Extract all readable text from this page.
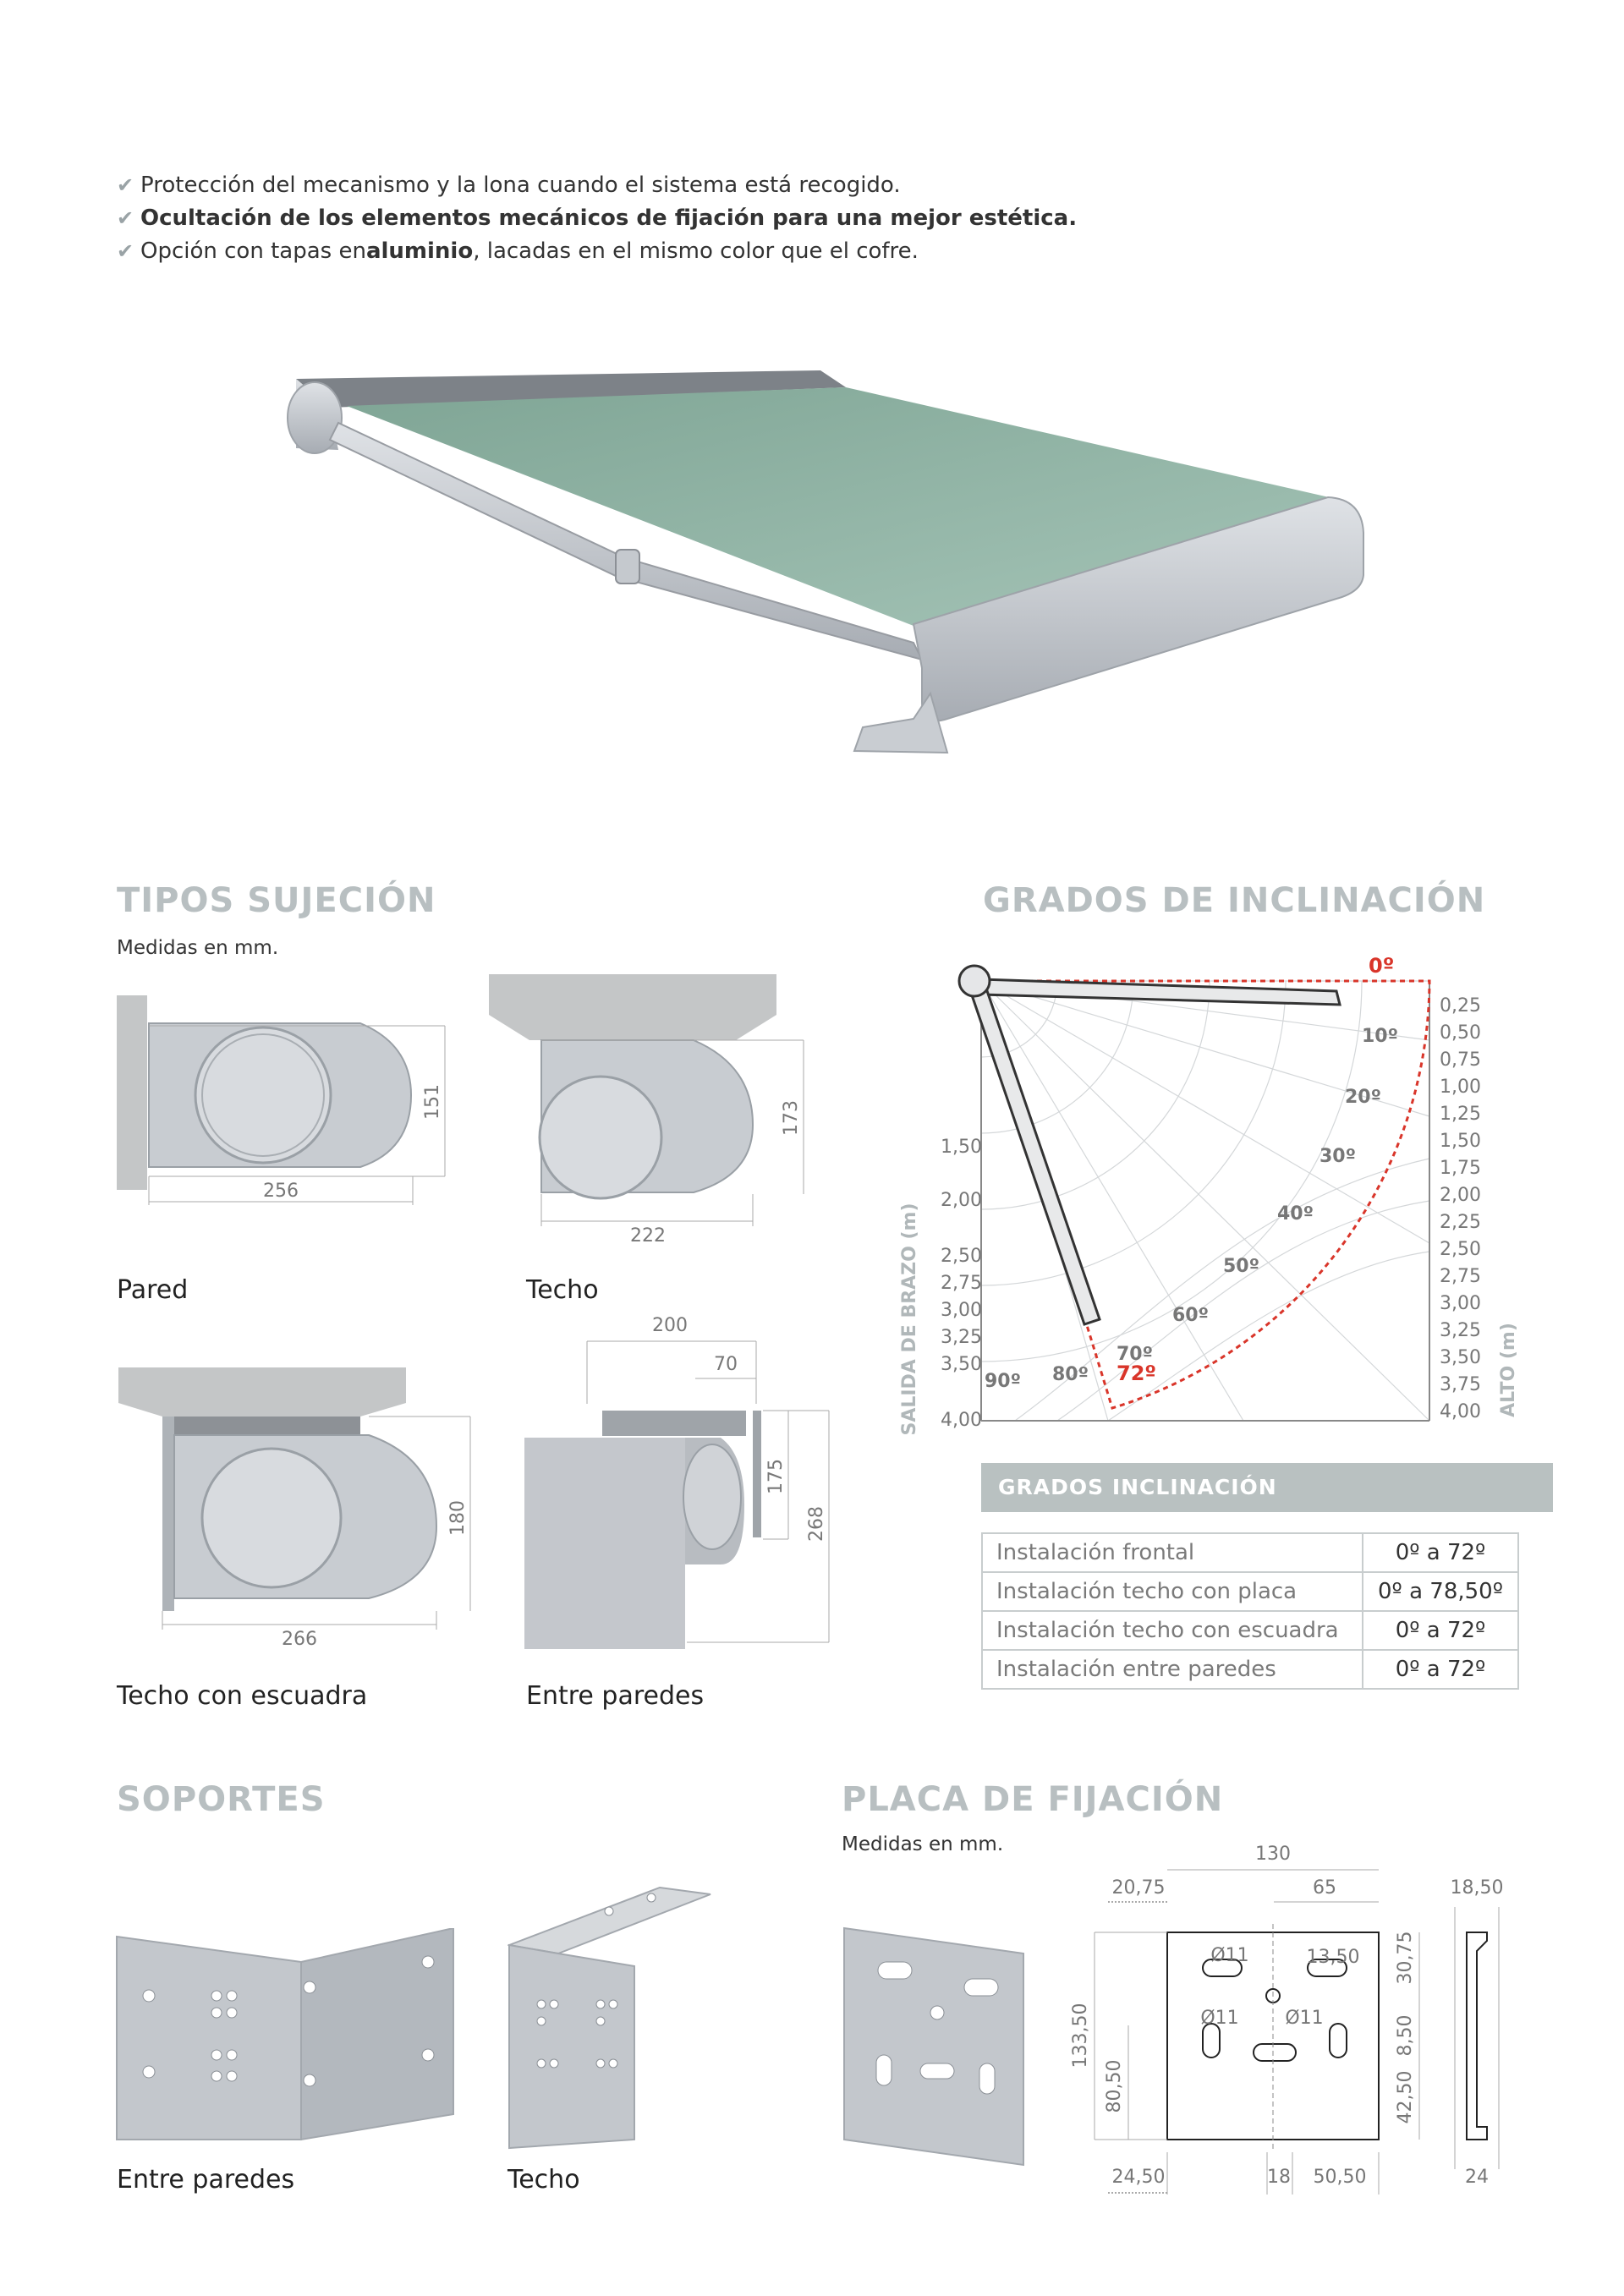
✔ Protección del mecanismo y la lona cuando el sistema está recogido.
✔ Ocultación de los elementos mecánicos de fijación para una mejor estética.
✔ Opción con tapas en aluminio , lacadas en el mismo color que el cofre.
TIPOS SUJECIÓN
Medidas en mm.
256
151
Pared
222
173
Techo
266
180
Techo con escuadra
200
70
175
268
Entre paredes
GRADOS DE INCLINACIÓN
1,50
2,00
2,50
2,75
3,00
3,25
3,50
4,00
0,25
0,50
0,75
1,00
1,25
1,50
1,75
2,00
2,25
2,50
2,75
3,00
3,25
3,50
3,75
4,00
10º
20º
30º
40º
50º
60º
70º
80º
90º
0º
72º
SALIDA DE BRAZO (m)	ALTO (m)
GRADOS INCLINACIÓN
Instalación frontal	0º a 72º
Instalación techo con placa	0º a 78,50º
Instalación techo con escuadra	0º a 72º
Instalación entre paredes	0º a 72º
SOPORTES
Entre paredes	Techo
PLACA DE FIJACIÓN
Medidas en mm.	130
20,75	65	18,50
Ø11	13,50
Ø11 Ø11
30,75
8,50
42,50
133,50
80,50
24,50	18 50,50	24
